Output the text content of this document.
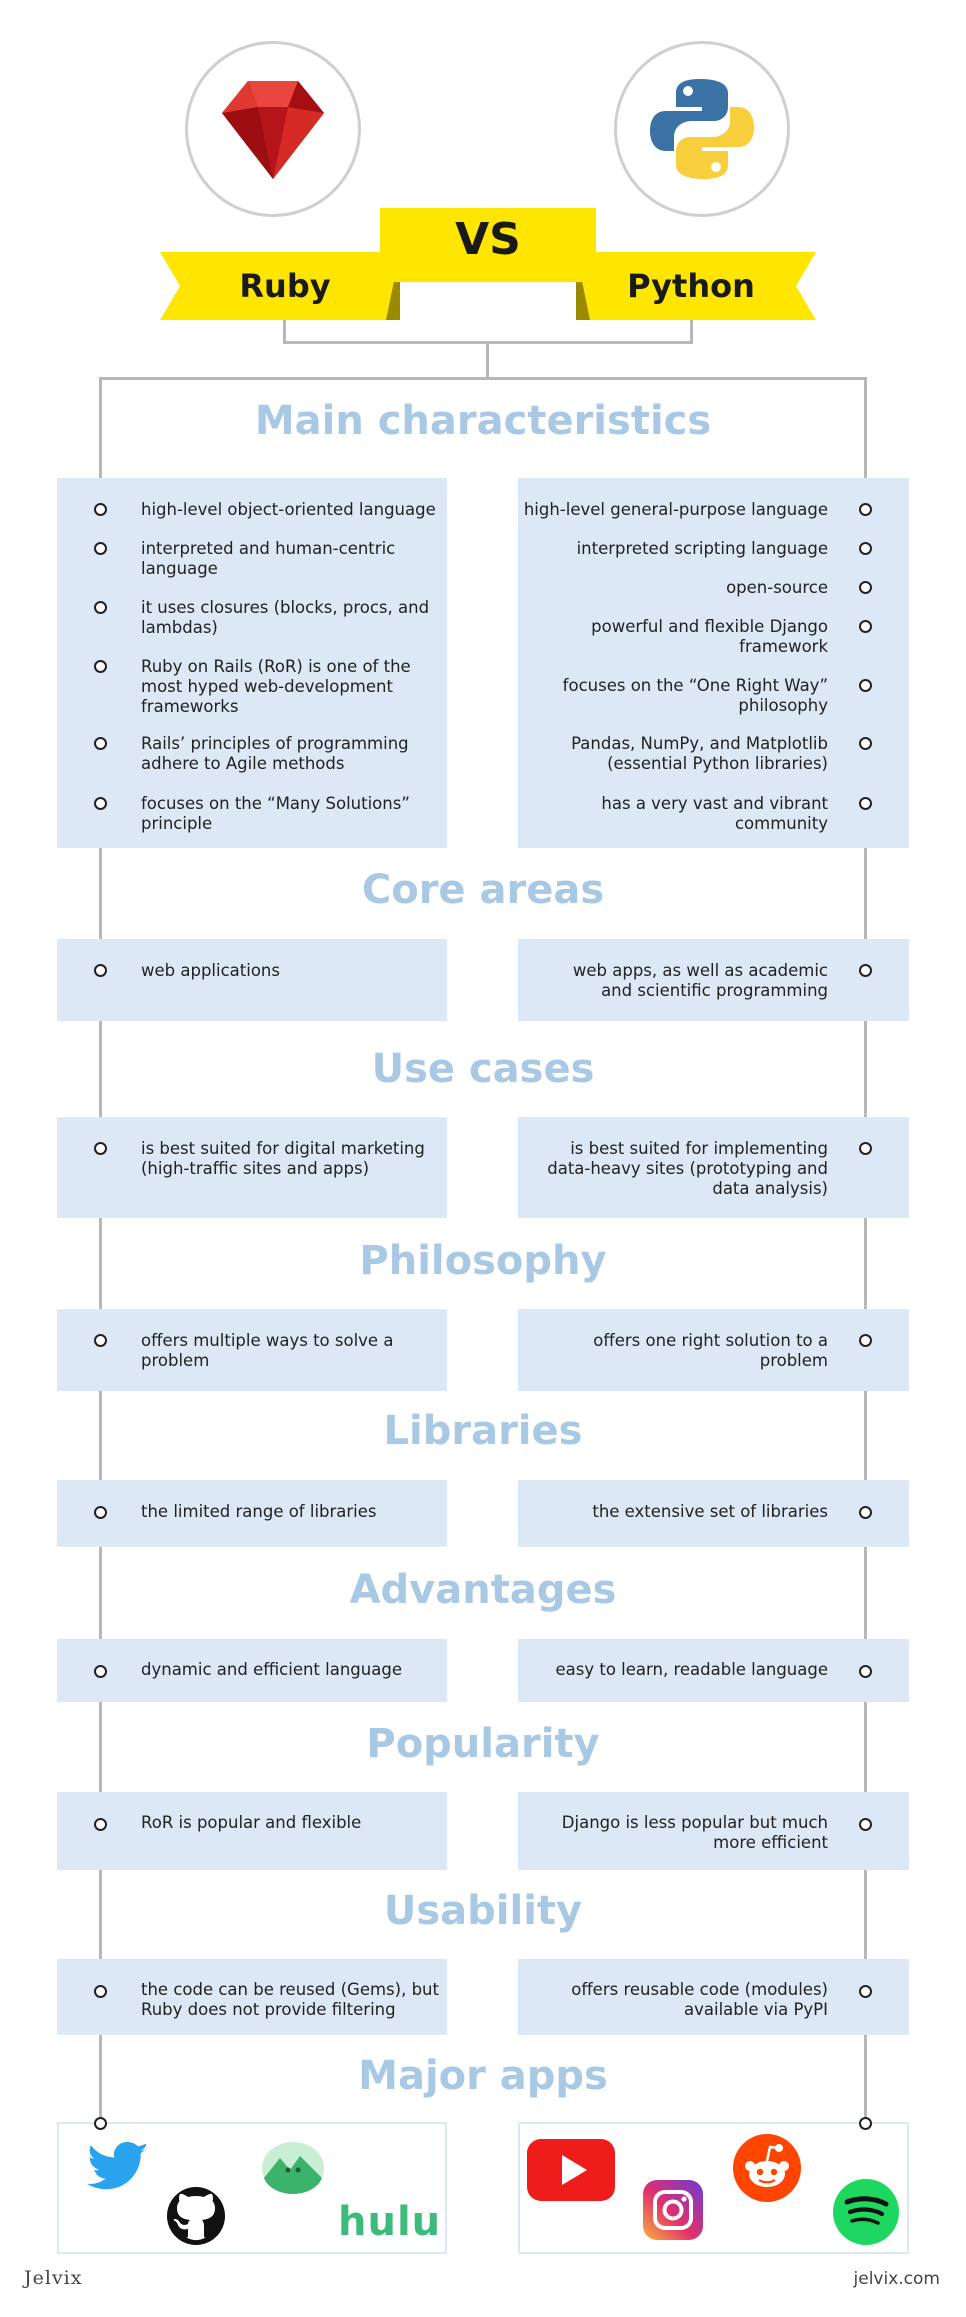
VS
Ruby	Python
Main characteristics
high-level object-oriented language
interpreted and human-centric language
it uses closures (blocks, procs, and lambdas)
Ruby on Rails (RoR) is one of the most hyped web-development frameworks
Rails’ principles of programming adhere to Agile methods
focuses on the “Many Solutions” principle
high-level general-purpose language
interpreted scripting language
open-source
powerful and flexible Django framework
focuses on the “One Right Way” philosophy
Pandas, NumPy, and Matplotlib (essential Python libraries)
has a very vast and vibrant community
Core areas
web applications	web apps, as well as academic and scientific programming
Use cases
is best suited for digital marketing (high-traffic sites and apps)
is best suited for implementing data-heavy sites (prototyping and data analysis)
Philosophy
offers multiple ways to solve a problem
offers one right solution to a problem
Libraries
the limited range of libraries	the extensive set of libraries
Advantages
dynamic and efficient language	easy to learn, readable language
Popularity
RoR is popular and flexible	Django is less popular but much more efficient
Usability
the code can be reused (Gems), but Ruby does not provide filtering
offers reusable code (modules) available via PyPI
Major apps
hulu
Jelvix	jelvix.com
